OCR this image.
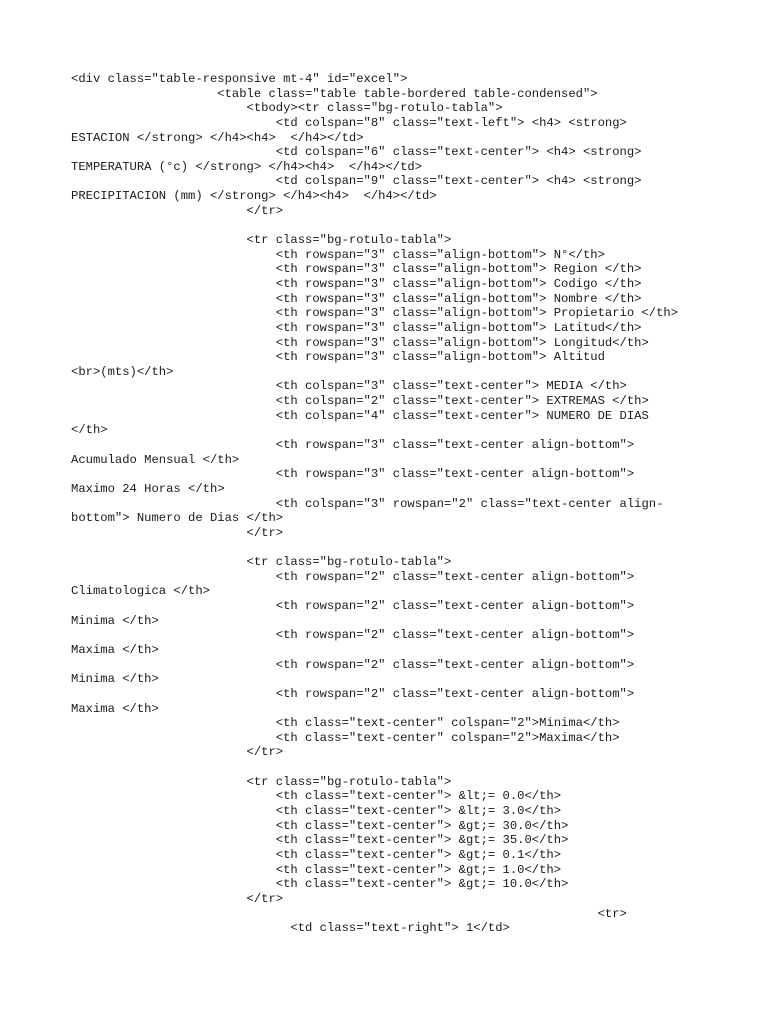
<div class="table-responsive mt-4" id="excel">
<table class="table table-bordered table-condensed">
<tbody><tr class="bg-rotulo-tabla">
<td colspan="8" class="text-left"> <h4> <strong>
ESTACION </strong> </h4><h4>  </h4></td>
<td colspan="6" class="text-center"> <h4> <strong>
TEMPERATURA (°c) </strong> </h4><h4>  </h4></td>
<td colspan="9" class="text-center"> <h4> <strong>
PRECIPITACION (mm) </strong> </h4><h4>  </h4></td>
</tr>

<tr class="bg-rotulo-tabla">
<th rowspan="3" class="align-bottom"> N°</th>
<th rowspan="3" class="align-bottom"> Region </th>
<th rowspan="3" class="align-bottom"> Codigo </th>
<th rowspan="3" class="align-bottom"> Nombre </th>
<th rowspan="3" class="align-bottom"> Propietario </th>
<th rowspan="3" class="align-bottom"> Latitud</th>
<th rowspan="3" class="align-bottom"> Longitud</th>
<th rowspan="3" class="align-bottom"> Altitud
<br>(mts)</th>
<th colspan="3" class="text-center"> MEDIA </th>
<th colspan="2" class="text-center"> EXTREMAS </th>
<th colspan="4" class="text-center"> NUMERO DE DIAS
</th>
<th rowspan="3" class="text-center align-bottom">
Acumulado Mensual </th>
<th rowspan="3" class="text-center align-bottom">
Maximo 24 Horas </th>
<th colspan="3" rowspan="2" class="text-center align-
bottom"> Numero de Dias </th>
</tr>

<tr class="bg-rotulo-tabla">
<th rowspan="2" class="text-center align-bottom">
Climatologica </th>
<th rowspan="2" class="text-center align-bottom">
Minima </th>
<th rowspan="2" class="text-center align-bottom">
Maxima </th>
<th rowspan="2" class="text-center align-bottom">
Minima </th>
<th rowspan="2" class="text-center align-bottom">
Maxima </th>
<th class="text-center" colspan="2">Minima</th>
<th class="text-center" colspan="2">Maxima</th>
</tr>

<tr class="bg-rotulo-tabla">
<th class="text-center"> &lt;= 0.0</th>
<th class="text-center"> &lt;= 3.0</th>
<th class="text-center"> &gt;= 30.0</th>
<th class="text-center"> &gt;= 35.0</th>
<th class="text-center"> &gt;= 0.1</th>
<th class="text-center"> &gt;= 1.0</th>
<th class="text-center"> &gt;= 10.0</th>
</tr>
<tr>
<td class="text-right"> 1</td>
